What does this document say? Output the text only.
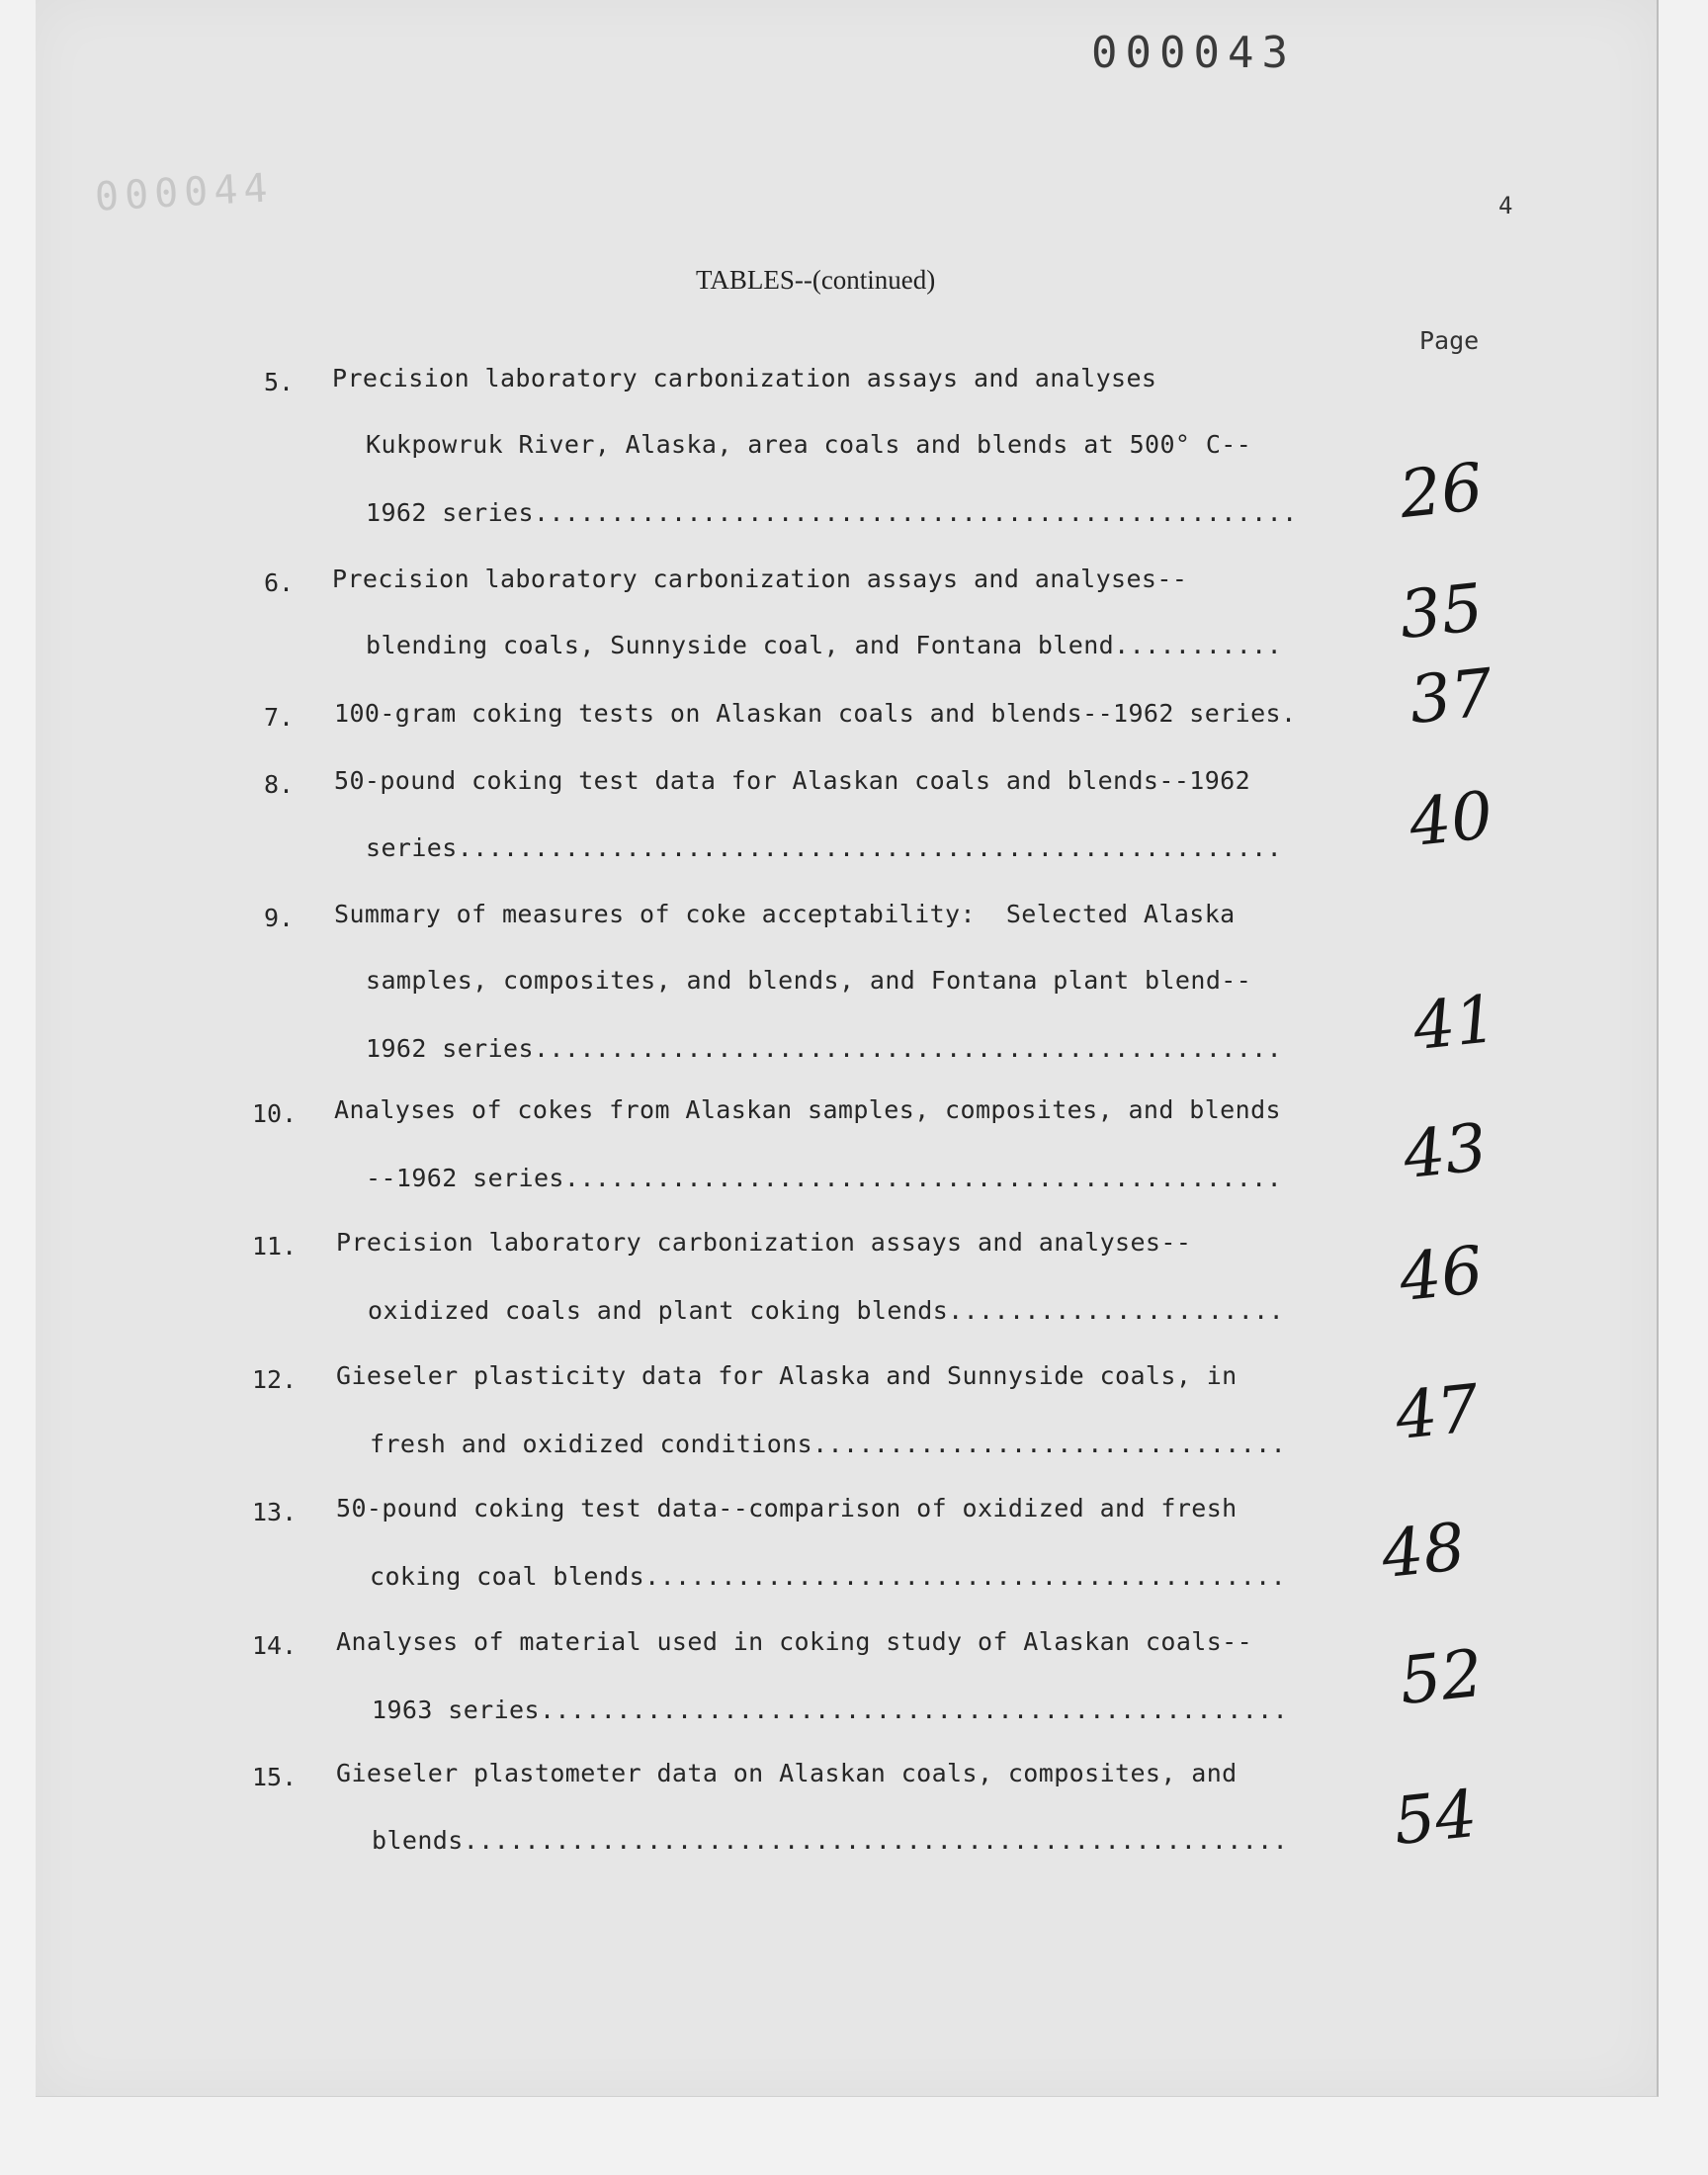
000043
000044	4
TABLES--(continued)
Page
5. Precision laboratory carbonization assays and analyses
Kukpowruk River, Alaska, area coals and blends at 500° C--
1962 series.................................................. 26
6. Precision laboratory carbonization assays and analyses--
blending coals, Sunnyside coal, and Fontana blend........... 35
7. 100-gram coking tests on Alaskan coals and blends--1962 series. 37
8. 50-pound coking test data for Alaskan coals and blends--1962
series...................................................... 40
9. Summary of measures of coke acceptability:  Selected Alaska
samples, composites, and blends, and Fontana plant blend--
1962 series................................................. 41
10. Analyses of cokes from Alaskan samples, composites, and blends
--1962 series............................................... 43
11. Precision laboratory carbonization assays and analyses--
oxidized coals and plant coking blends...................... 46
12. Gieseler plasticity data for Alaska and Sunnyside coals, in
fresh and oxidized conditions............................... 47
13. 50-pound coking test data--comparison of oxidized and fresh
coking coal blends.......................................... 48
14. Analyses of material used in coking study of Alaskan coals--
1963 series................................................. 52
15. Gieseler plastometer data on Alaskan coals, composites, and
blends...................................................... 54
